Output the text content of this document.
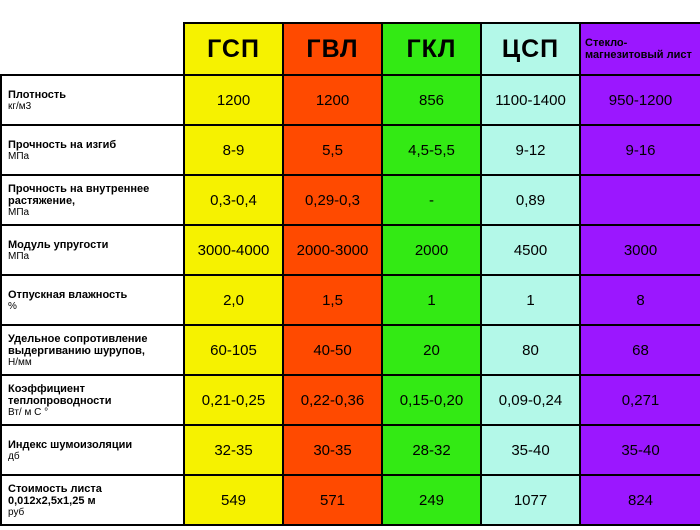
	ГСП	ГВЛ	ГКЛ	ЦСП	Стекло-магнезитовый лист

Плотность
кг/м3	1200	1200	856	1100-1400	950-1200

Прочность на изгиб
МПа	8-9	5,5	4,5-5,5	9-12	9-16

Прочность на внутреннее растяжение,
МПа	0,3-0,4	0,29-0,3	-	0,89	

Модуль упругости
МПа	3000-4000	2000-3000	2000	4500	3000

Отпускная влажность
%	2,0	1,5	1	1	8

Удельное сопротивление выдергиванию шурупов,
Н/мм	60-105	40-50	20	80	68

Коэффициент теплопроводности
Вт/ м С °	0,21-0,25	0,22-0,36	0,15-0,20	0,09-0,24	0,271

Индекс шумоизоляции
дб	32-35	30-35	28-32	35-40	35-40

Стоимость листа 0,012х2,5х1,25 м
руб	549	571	249	1077	824
